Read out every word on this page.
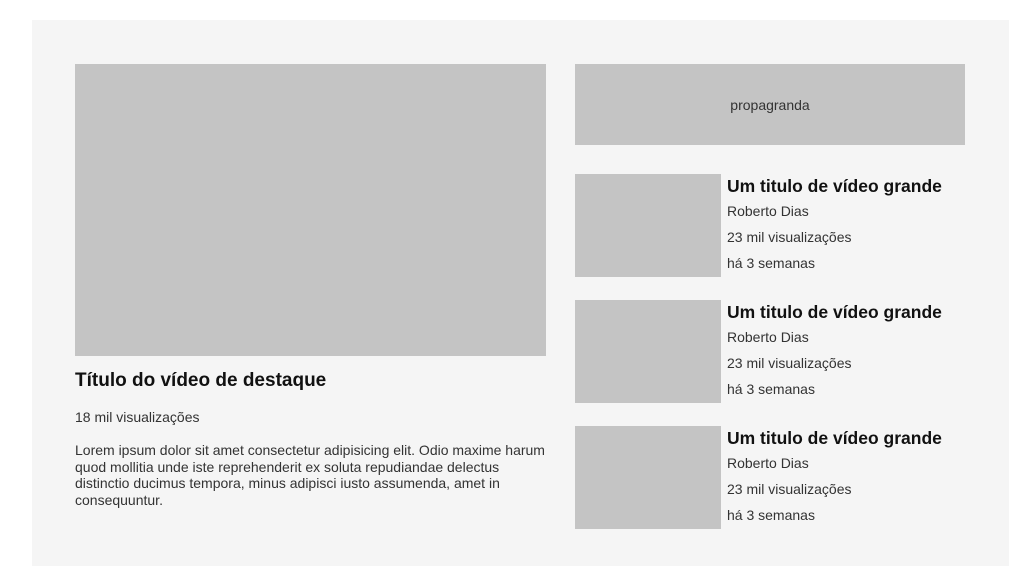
Título do vídeo de destaque
18 mil visualizações
Lorem ipsum dolor sit amet consectetur adipisicing elit. Odio maxime harum quod mollitia unde iste reprehenderit ex soluta repudiandae delectus distinctio ducimus tempora, minus adipisci iusto assumenda, amet in consequuntur.
propagranda
Um titulo de vídeo grande
Roberto Dias
23 mil visualizações
há 3 semanas
Um titulo de vídeo grande
Roberto Dias
23 mil visualizações
há 3 semanas
Um titulo de vídeo grande
Roberto Dias
23 mil visualizações
há 3 semanas
